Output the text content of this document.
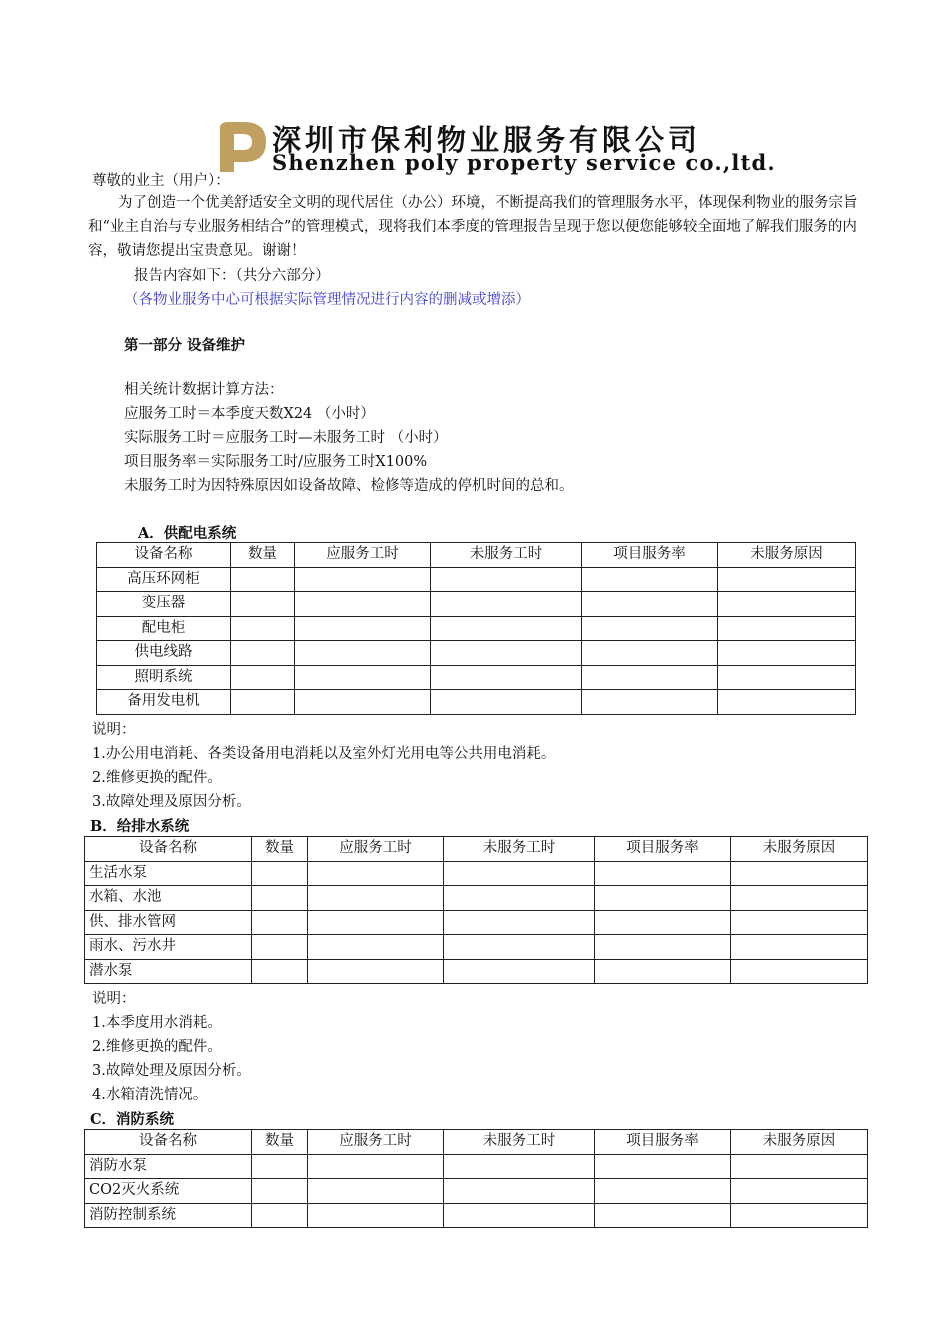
深圳市保利物业服务有限公司
Shenzhen poly property service co.,ltd.
尊敬的业主（用户）：
为了创造一个优美舒适安全文明的现代居住（办公）环境，不断提高我们的管理服务水平，体现保利物业的服务宗旨和“业主自治与专业服务相结合”的管理模式，现将我们本季度的管理报告呈现于您以便您能够较全面地了解我们服务的内容，敬请您提出宝贵意见。谢谢！
报告内容如下：（共分六部分）
（各物业服务中心可根据实际管理情况进行内容的删减或增添）
第一部分 设备维护
相关统计数据计算方法：
应服务工时＝本季度天数X24 （小时）
实际服务工时＝应服务工时—未服务工时 （小时）
项目服务率＝实际服务工时/应服务工时X100%
未服务工时为因特殊原因如设备故障、检修等造成的停机时间的总和。
A．供配电系统
设备名称	数量	应服务工时	未服务工时	项目服务率	未服务原因
高压环网柜					
变压器					
配电柜					
供电线路					
照明系统					
备用发电机					
说明：
1.办公用电消耗、各类设备用电消耗以及室外灯光用电等公共用电消耗。
2.维修更换的配件。
3.故障处理及原因分析。
B．给排水系统
设备名称	数量	应服务工时	未服务工时	项目服务率	未服务原因
生活水泵					
水箱、水池					
供、排水管网					
雨水、污水井					
潜水泵					
说明：
1.本季度用水消耗。
2.维修更换的配件。
3.故障处理及原因分析。
4.水箱清洗情况。
C．消防系统
设备名称	数量	应服务工时	未服务工时	项目服务率	未服务原因
消防水泵					
CO2灭火系统					
消防控制系统					
